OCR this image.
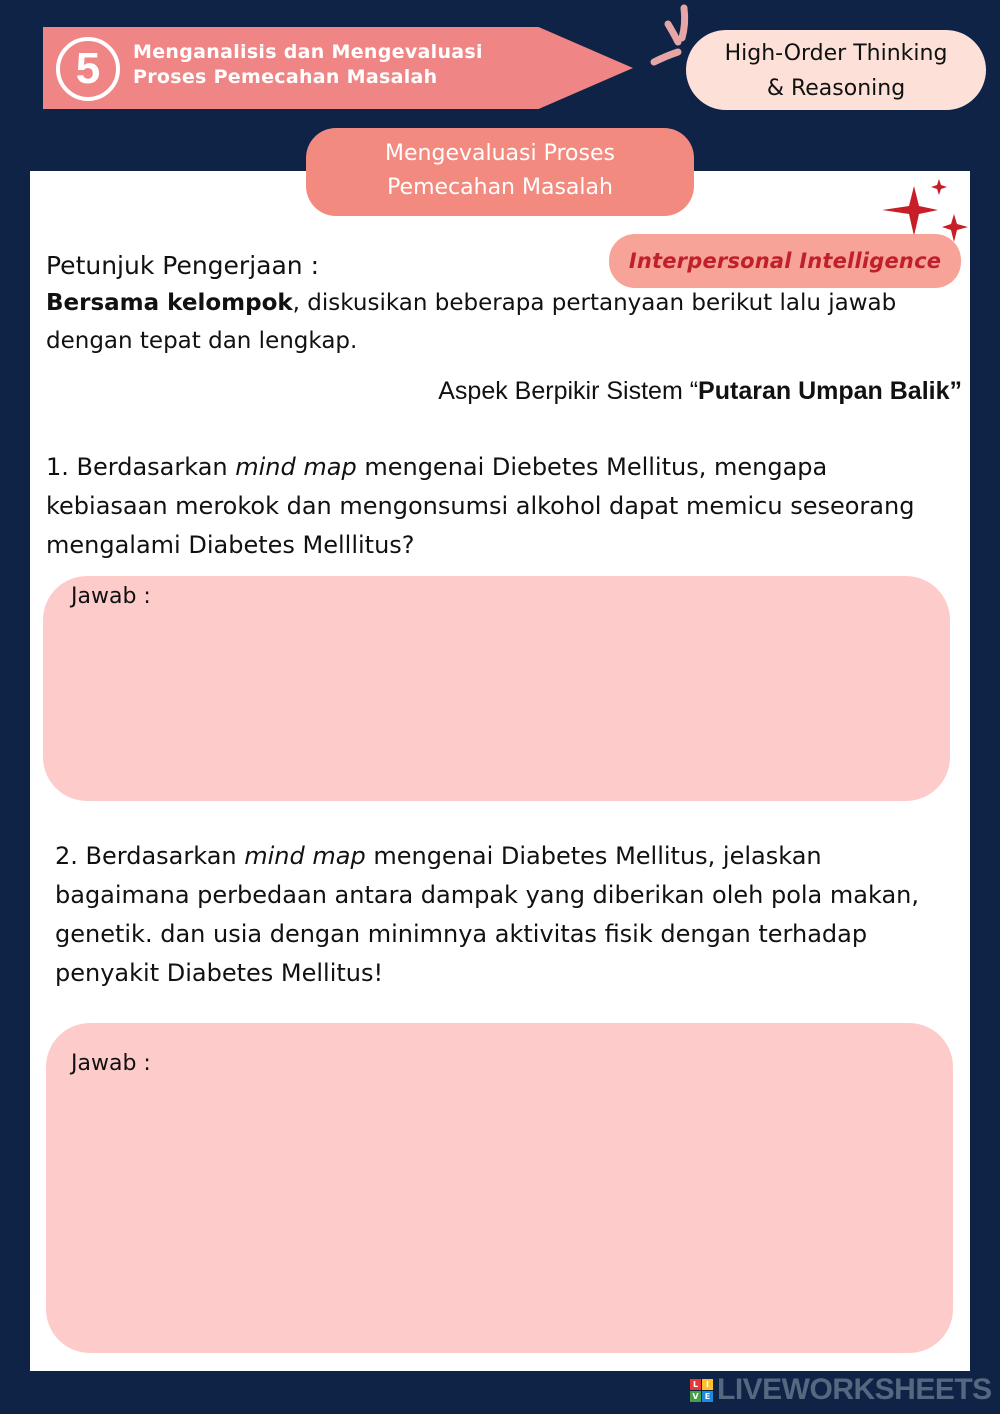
5	Menganalisis dan Mengevaluasi
Proses Pemecahan Masalah
High-Order Thinking
& Reasoning
Mengevaluasi Proses
Pemecahan Masalah
Interpersonal Intelligence
Petunjuk Pengerjaan :
Bersama kelompok, diskusikan beberapa pertanyaan berikut lalu jawab dengan tepat dan lengkap.
Aspek Berpikir Sistem “Putaran Umpan Balik”
1. Berdasarkan mind map mengenai Diebetes Mellitus, mengapa kebiasaan merokok dan mengonsumsi alkohol dapat memicu seseorang mengalami Diabetes Melllitus?
Jawab :
2. Berdasarkan mind map mengenai Diabetes Mellitus, jelaskan bagaimana perbedaan antara dampak yang diberikan oleh pola makan, genetik. dan usia dengan minimnya aktivitas fisik dengan terhadap penyakit Diabetes Mellitus!
Jawab :
L I
V E LIVEWORKSHEETS
